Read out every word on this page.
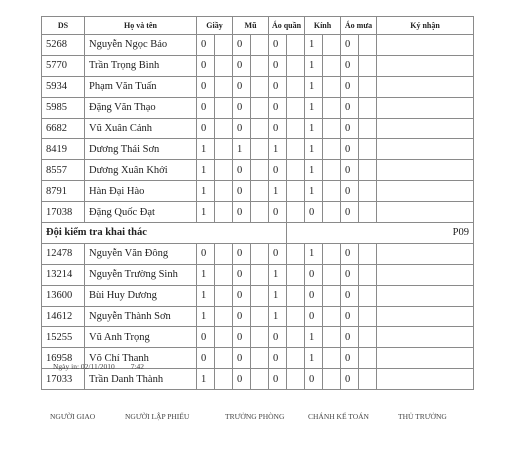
DS	Họ và tên	Giầy		Mũ		Áo quần		Kính		Áo mưa		Ký nhận
5268	Nguyễn Ngọc Bảo	0		0		0		1		0		
5770	Trần Trọng Bình	0		0		0		1		0		
5934	Phạm Văn Tuấn	0		0		0		1		0		
5985	Đặng Văn Thạo	0		0		0		1		0		
6682	Vũ Xuân Cảnh	0		0		0		1		0		
8419	Dương Thái Sơn	1		1		1		1		0		
8557	Dương Xuân Khởi	1		0		0		1		0		
8791	Hàn Đại Hào	1		0		1		1		0		
17038	Đặng Quốc Đạt	1		0		0		0		0		
Đội kiểm tra khai thác							P09					
12478	Nguyễn Văn Đông	0		0		0		1		0		
13214	Nguyễn Trường Sinh	1		0		1		0		0		
13600	Bùi Huy Dương	1		0		1		0		0		
14612	Nguyễn Thành Sơn	1		0		1		0		0		
15255	Vũ Anh Trọng	0		0		0		1		0		
16958	Võ Chí Thanh	0		0		0		1		0		
17033	Trần Danh Thành	1		0		0		0		0		
Ngày in: 02/11/2010 7:42
NGƯỜI GIAO	NGƯỜI LẬP PHIẾU	TRƯỞNG PHÒNG	CHÁNH KẾ TOÁN	THỦ TRƯỞNG
